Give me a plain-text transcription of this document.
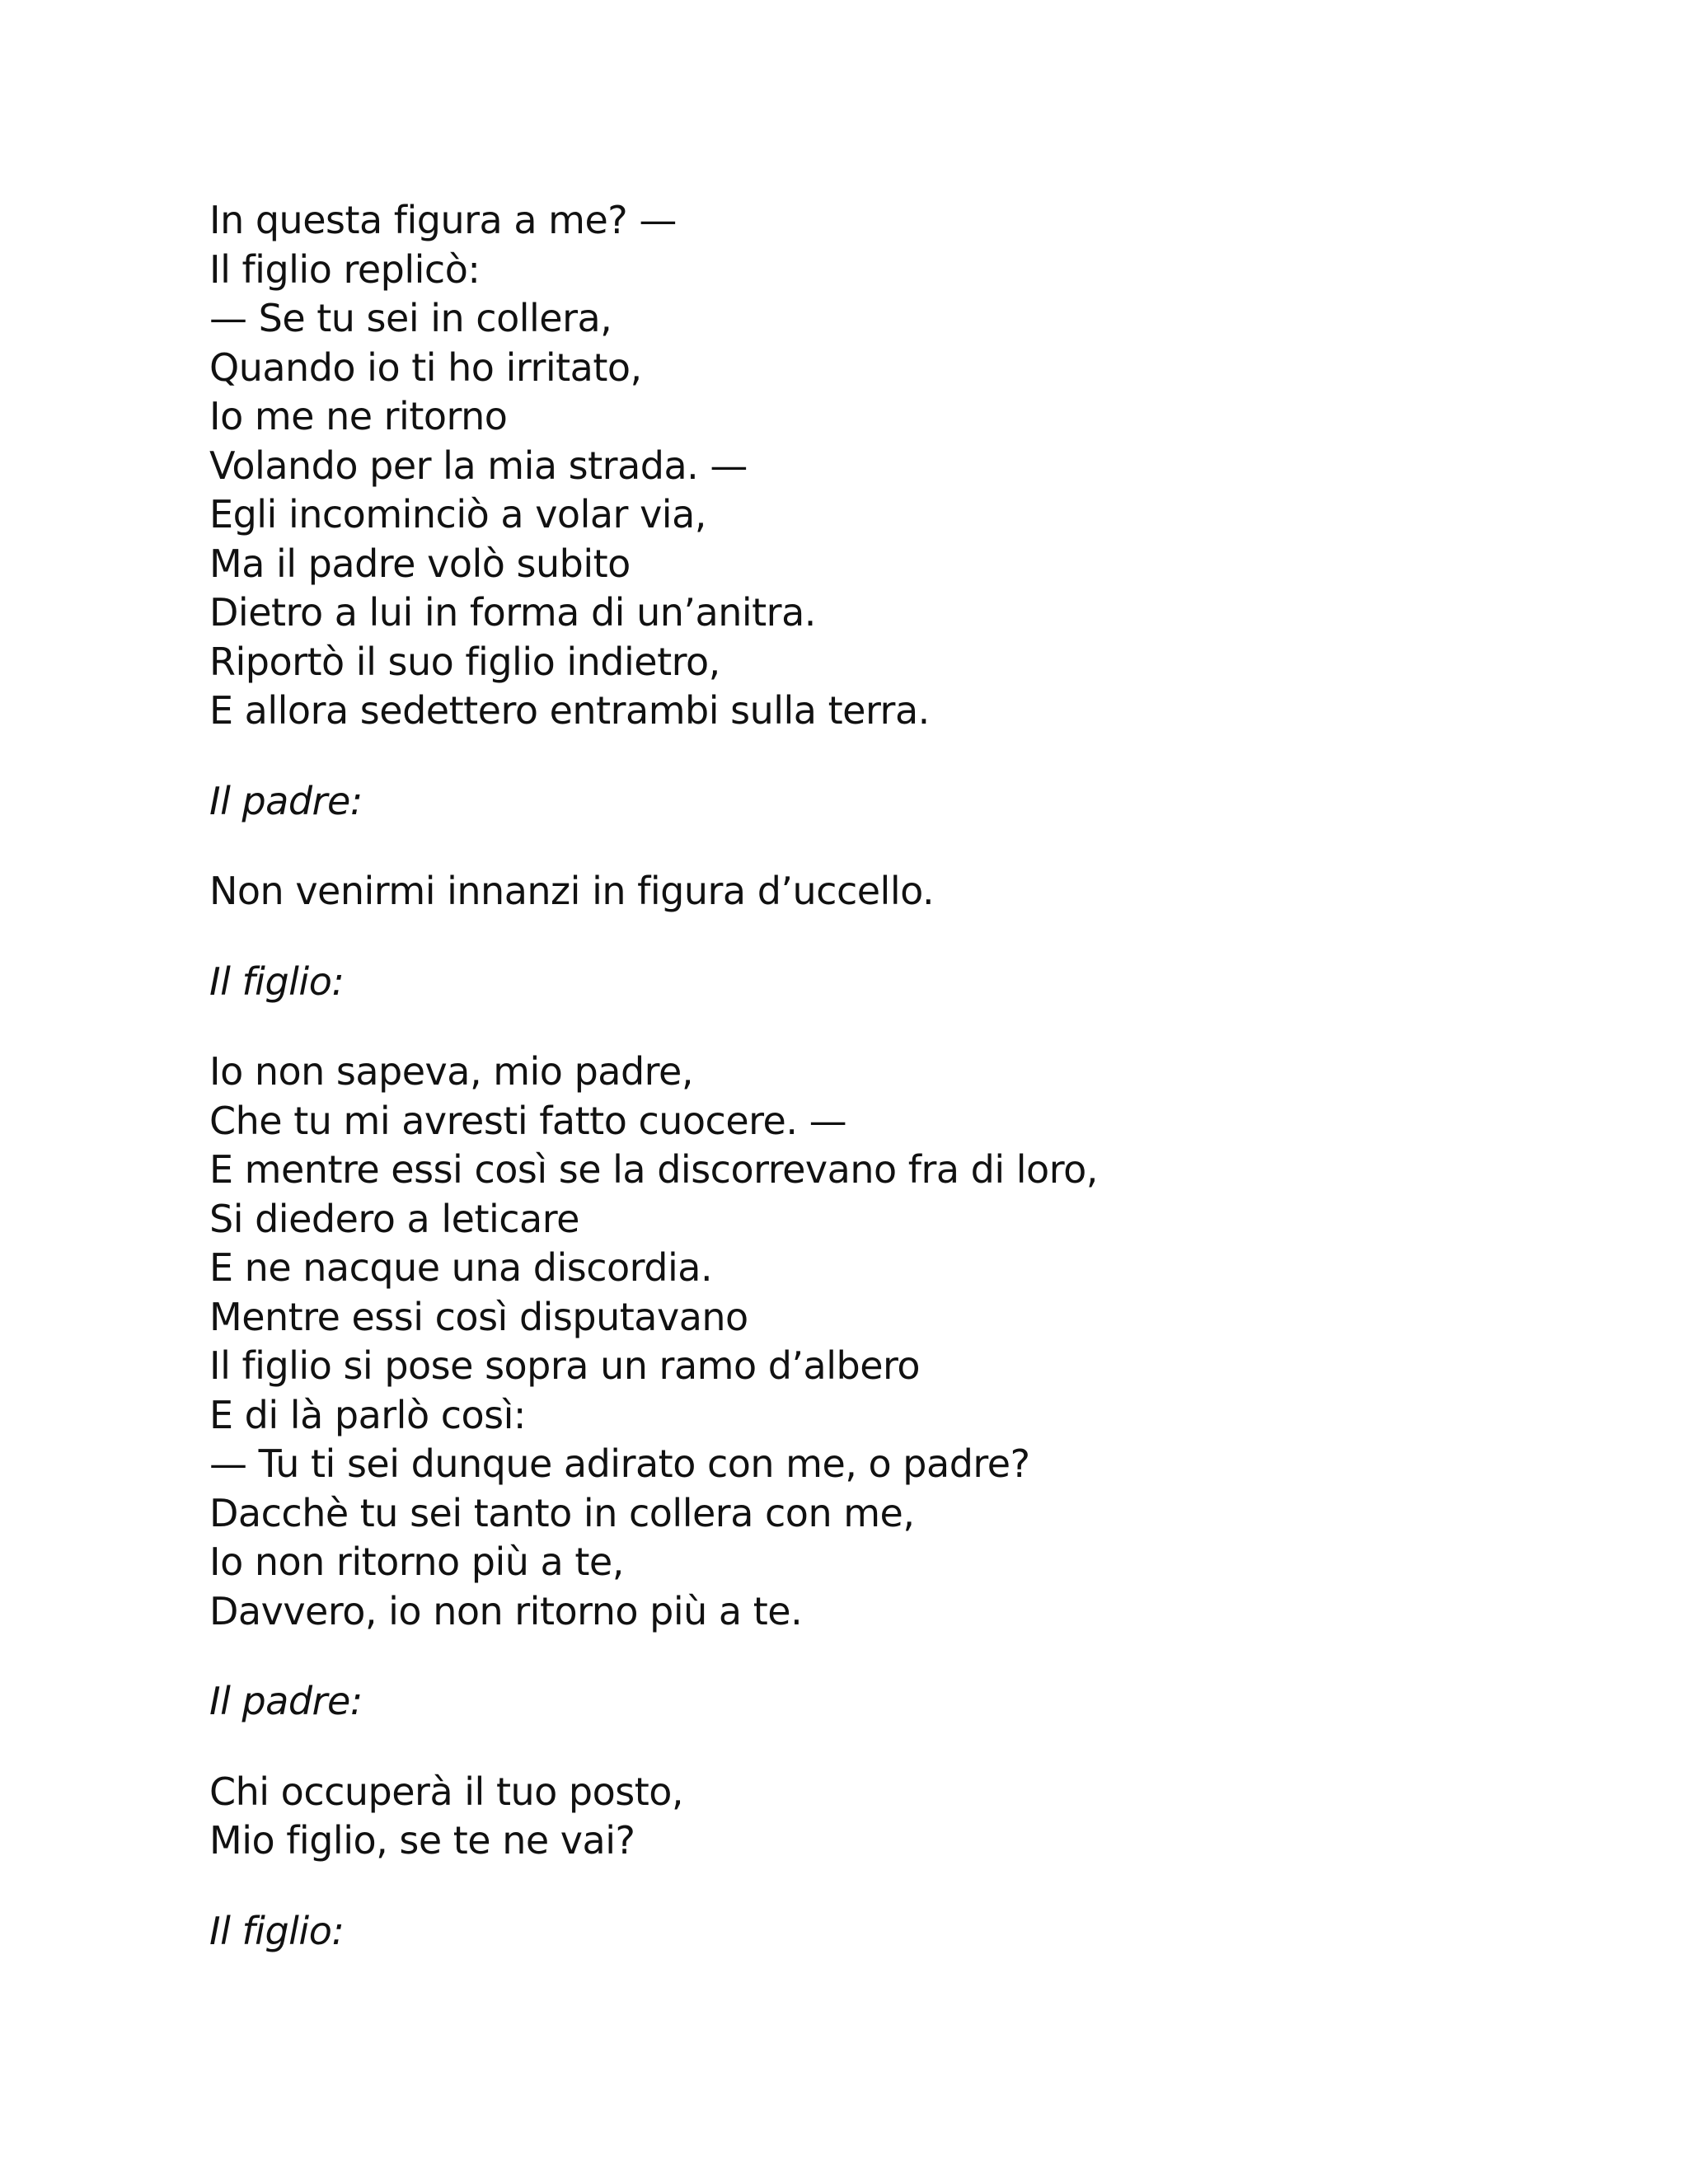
In questa figura a me? —
Il figlio replicò:
— Se tu sei in collera,
Quando io ti ho irritato,
Io me ne ritorno
Volando per la mia strada. —
Egli incominciò a volar via,
Ma il padre volò subito
Dietro a lui in forma di un’anitra.
Riportò il suo figlio indietro,
E allora sedettero entrambi sulla terra.
Il padre:
Non venirmi innanzi in figura d’uccello.
Il figlio:
Io non sapeva, mio padre,
Che tu mi avresti fatto cuocere. —
E mentre essi così se la discorrevano fra di loro,
Si diedero a leticare
E ne nacque una discordia.
Mentre essi così disputavano
Il figlio si pose sopra un ramo d’albero
E di là parlò così:
— Tu ti sei dunque adirato con me, o padre?
Dacchè tu sei tanto in collera con me,
Io non ritorno più a te,
Davvero, io non ritorno più a te.
Il padre:
Chi occuperà il tuo posto,
Mio figlio, se te ne vai?
Il figlio:
